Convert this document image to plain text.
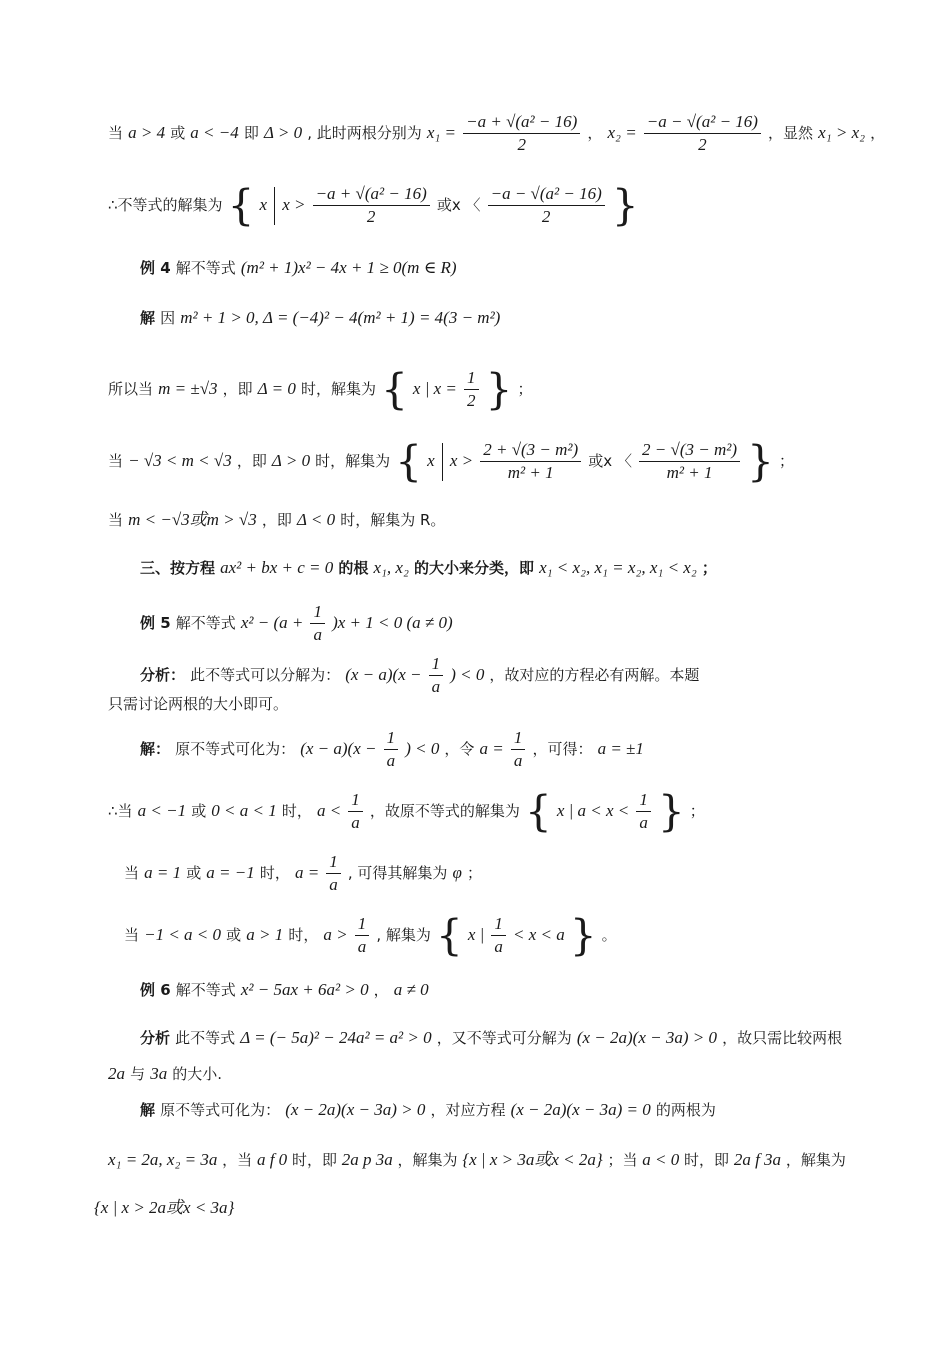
当 a > 4 或 a < −4 即 Δ > 0 , 此时两根分别为 $x_1 = \frac{\text{−a + √(a² − 16)}}{2}$ ， $x_2 = \frac{\text{−a − √(a² − 16)}}{2}$ ，显然 x₁ > x₂ ，
∴不等式的解集为 { x $x > \frac{\text{−a + √(a² − 16)}}{2}$ 或x 〈 $\frac{\text{−a − √(a² − 16)}}{2}$ }
例 4 解不等式 (m² + 1)x² − 4x + 1 ≥ 0(m ∈ R)
解 因 m² + 1 > 0, Δ = (−4)² − 4(m² + 1) = 4(3 − m²)
所以当 m = ±√3 ，即 Δ = 0 时，解集为 { x | $x = \frac{1}{2}$ } ；
当 − √3 < m < √3 ，即 Δ > 0 时，解集为 { x $x > \frac{\text{2 + √(3 − m²)}}{\text{m² + 1}}$ 或x 〈 $\frac{\text{2 − √(3 − m²)}}{\text{m² + 1}}$ } ；
当 m < −√3或m > √3 ，即 Δ < 0 时，解集为 R。
三、按方程 ax² + bx + c = 0 的根 x₁, x₂ 的大小来分类，即 x₁ < x₂, x₁ = x₂, x₁ < x₂ ；
例 5 解不等式 $x^2 - (a + \frac{1}{a} )x + 1 < 0$ (a ≠ 0)
分析： 此不等式可以分解为： $(x - a)(x - \frac{1}{a}$ ) < 0 ，故对应的方程必有两解。本题
只需讨论两根的大小即可。
解： 原不等式可化为： $(x - a)(x - \frac{1}{a}$ ) < 0 ，令 $a = \frac{1}{a}$ ，可得： a = ±1
∴当 a < −1 或 0 < a < 1 时， $a < \frac{1}{a}$ ，故原不等式的解集为 { x | $a < x < \frac{1}{a}$ } ；
当 a = 1 或 a = −1 时， $a = \frac{1}{a}$ , 可得其解集为 φ ；
当 −1 < a < 0 或 a > 1 时， $a > \frac{1}{a}$ , 解集为 { x | $\frac{1}{a} < x < a$ } 。
例 6 解不等式 x² − 5ax + 6a² > 0 ， a ≠ 0
分析 此不等式 Δ = (− 5a)² − 24a² = a² > 0 ，又不等式可分解为 (x − 2a)(x − 3a) > 0 ，故只需比较两根
2a 与 3a 的大小.
解 原不等式可化为： (x − 2a)(x − 3a) > 0 ，对应方程 (x − 2a)(x − 3a) = 0 的两根为
x₁ = 2a, x₂ = 3a ，当 a f 0 时，即 2a p 3a ，解集为 {x | x > 3a或x < 2a} ；当 a < 0 时，即 2a f 3a ，解集为
{x | x > 2a或x < 3a}
